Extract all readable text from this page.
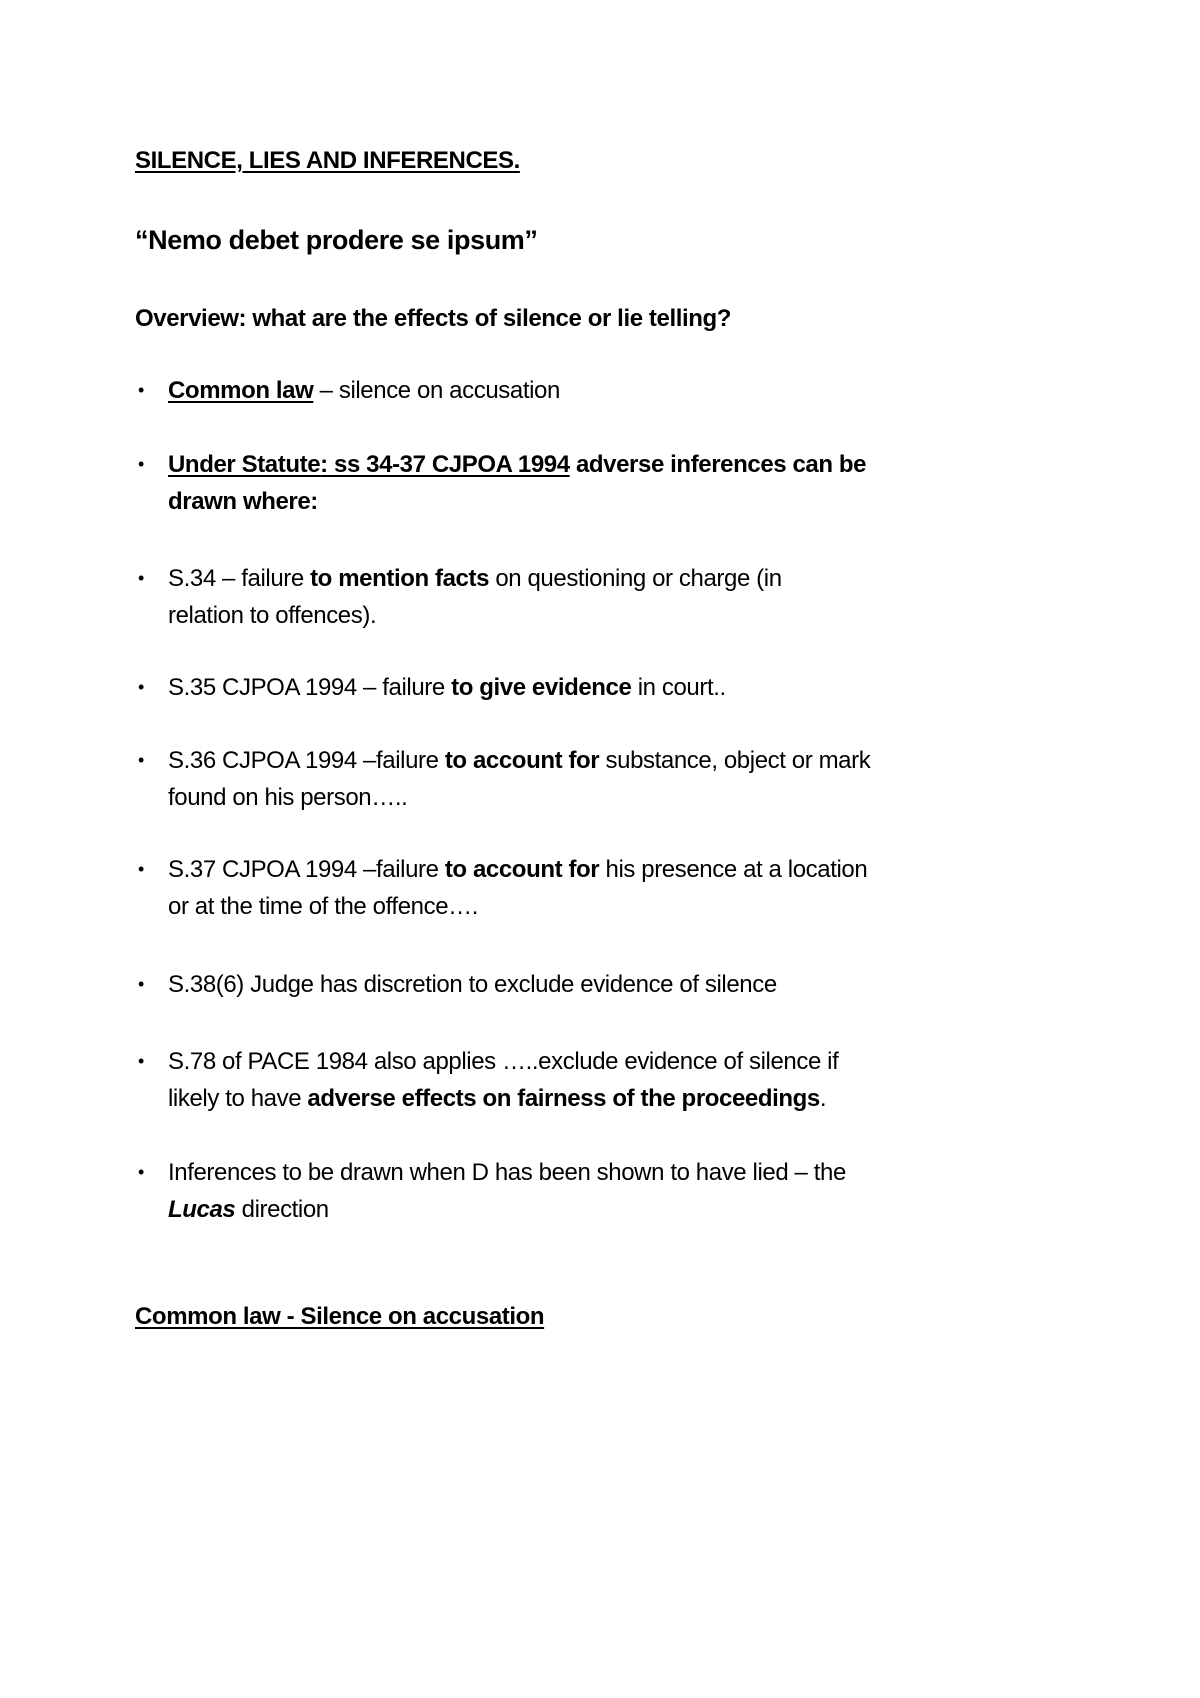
SILENCE, LIES AND INFERENCES.
“Nemo debet prodere se ipsum”
Overview: what are the effects of silence or lie telling?
• Common law – silence on accusation
• Under Statute: ss 34-37 CJPOA 1994 adverse inferences can be
drawn where:
• S.34 – failure to mention facts on questioning or charge (in
relation to offences).
• S.35 CJPOA 1994 – failure to give evidence in court..
• S.36 CJPOA 1994 –failure to account for substance, object or mark
found on his person…..
• S.37 CJPOA 1994 –failure to account for his presence at a location
or at the time of the offence….
• S.38(6) Judge has discretion to exclude evidence of silence
• S.78 of PACE 1984 also applies …..exclude evidence of silence if
likely to have adverse effects on fairness of the proceedings.
• Inferences to be drawn when D has been shown to have lied – the
Lucas direction
Common law - Silence on accusation
